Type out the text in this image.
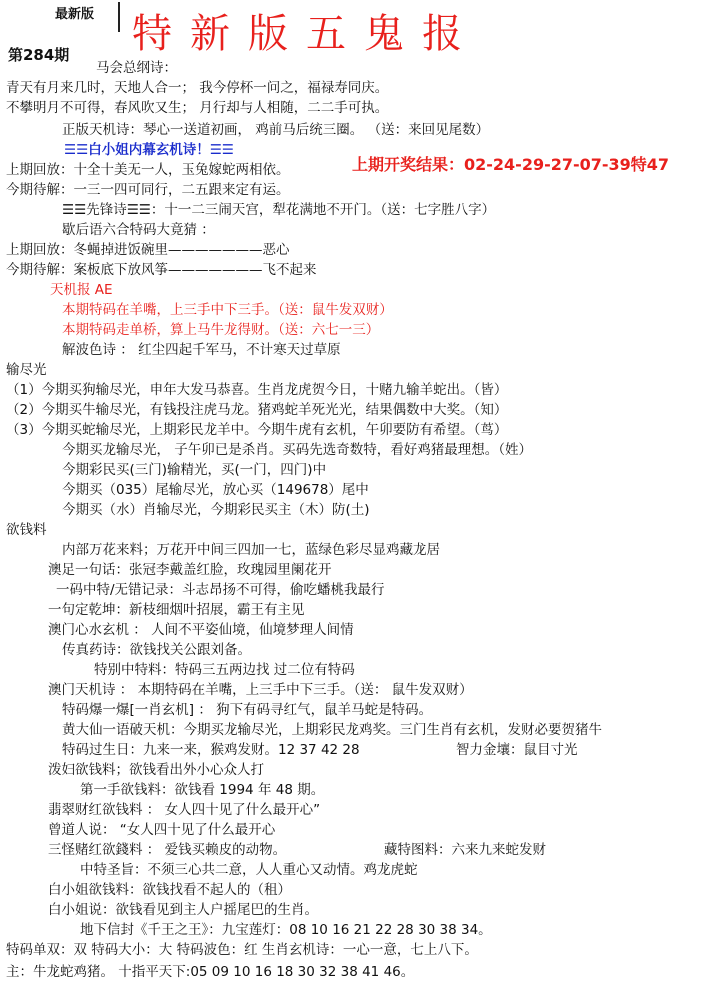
最新版 特新版五鬼报
第284期
马会总纲诗：
青天有月来几时，天地人合一； 我今停杯一问之，福禄寿同庆。
不攀明月不可得，春风吹又生； 月行却与人相随，二二手可执。
正版天机诗：琴心一送道初画， 鸡前马后统三圈。 （送：来回见尾数）
☰☰白小姐内幕玄机诗！☰☰
上期回放：十全十美无一人，玉兔嫁蛇两相依。	上期开奖结果：02-24-29-27-07-39特47
今期待解：一三一四可同行，二五跟来定有运。
☰☰先锋诗☰☰：十一二三闹天宫，犁花满地不开门。（送：七字胜八字）
歇后语六合特码大竟猜 ：
上期回放：冬蝇掉进饭碗里———————恶心
今期待解：案板底下放风筝———————飞不起来
天机报 AE
本期特码在羊嘴，上三手中下三手。（送：鼠牛发双财）
本期特码走单桥，算上马牛龙得财。（送：六七一三）
解波色诗 ： 红尘四起千军马，不计寒天过草原
输尽光
（1）今期买狗输尽光，申年大发马恭喜。生肖龙虎贺今日，十赌九输羊蛇出。（皆）
（2）今期买牛输尽光，有钱投注虎马龙。猪鸡蛇羊死光光，结果偶数中大奖。（知）
（3）今期买蛇输尽光，上期彩民龙羊中。今期牛虎有玄机，午卯要防有希望。（茑）
今期买龙输尽光， 子午卯已是杀肖。买码先选奇数特，看好鸡猪最理想。（姓）
今期彩民买(三门)输精光，买(一门，四门)中
今期买（035）尾输尽光，放心买（149678）尾中
今期买（水）肖输尽光，今期彩民买主（木）防(土)
欲钱料
内部万花来料；万花开中间三四加一七，蓝绿色彩尽显鸡藏龙居
澳足一句话：张冠李戴盖红脸，玫瑰园里阑花开
一码中特/无错记录：斗志昂扬不可得，偷吃蟠桃我最行
一句定乾坤：新枝细烟叶招展，霸王有主见
澳门心水玄机 ： 人间不平姿仙境，仙境梦理人间情
传真药诗：欲钱找关公跟刘备。
特别中特料：特码三五两边找 过二位有特码
澳门天机诗 ： 本期特码在羊嘴，上三手中下三手。（送： 鼠牛发双财）
特码爆一爆[一肖玄机] ： 狗下有码寻红气，鼠羊马蛇是特码。
黄大仙一语破天机：今期买龙输尽光，上期彩民龙鸡奖。三门生肖有玄机，发财必要贺猪牛
特码过生日：九来一来，猴鸡发财。12 37 42 28	智力金壤：鼠目寸光
泼妇欲钱料；欲钱看出外小心众人打
第一手欲钱料：欲钱看 1994 年 48 期。
翡翠财红欲钱料 ： 女人四十见了什么最开心”
曾道人说： “女人四十见了什么最开心
三怪赌红欲錢料 ： 爱钱买赖皮的动物。	藏特图料：六来九来蛇发财
中特圣旨：不须三心共二意，人人重心又动情。鸡龙虎蛇
白小姐欲钱料：欲钱找看不起人的（租）
白小姐说：欲钱看见到主人户摇尾巴的生肖。
地下信封《千王之王》：九宝莲灯：08 10 16 21 22 28 30 38 34。
特码单双：双 特码大小：大 特码波色：红 生肖玄机诗：一心一意，七上八下。
主：牛龙蛇鸡猪。 十指平天下:05 09 10 16 18 30 32 38 41 46。
